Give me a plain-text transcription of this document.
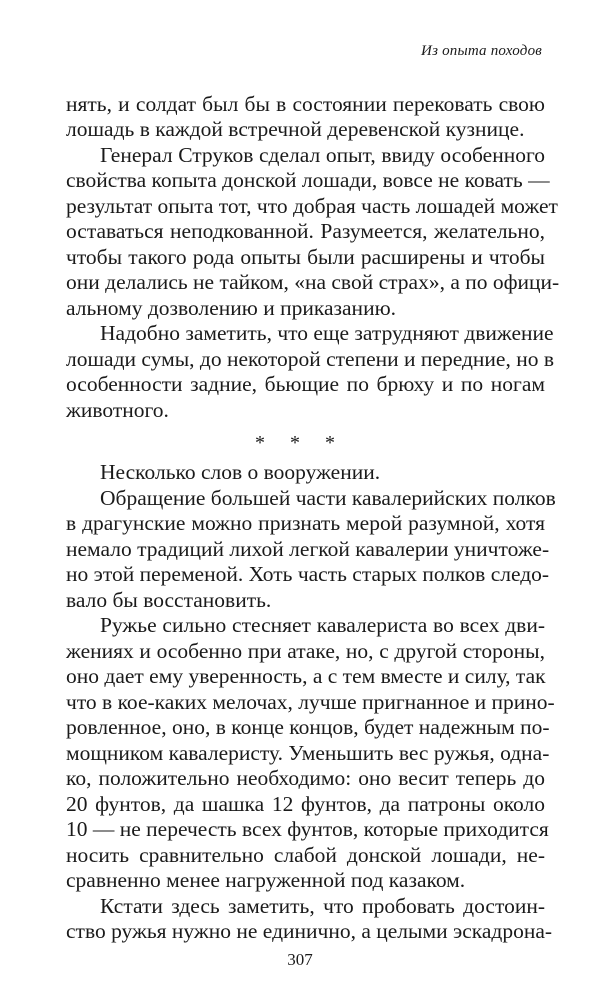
Из опыта походов

нять, и солдат был бы в состоянии перековать свою

лошадь в каждой встречной деревенской кузнице.

Генерал Струков сделал опыт, ввиду особенного

свойства копыта донской лошади, вовсе не ковать —

результат опыта тот, что добрая часть лошадей может

оставаться неподкованной. Разумеется, желательно,

чтобы такого рода опыты были расширены и чтобы

они делались не тайком, «на свой страх», а по офици-

альному дозволению и приказанию.

Надобно заметить, что еще затрудняют движение

лошади сумы, до некоторой степени и передние, но в

особенности задние, бьющие по брюху и по ногам

животного.

* * *

Несколько слов о вооружении.

Обращение большей части кавалерийских полков

в драгунские можно признать мерой разумной, хотя

немало традиций лихой легкой кавалерии уничтоже-

но этой переменой. Хоть часть старых полков следо-

вало бы восстановить.

Ружье сильно стесняет кавалериста во всех дви-

жениях и особенно при атаке, но, с другой стороны,

оно дает ему уверенность, а с тем вместе и силу, так

что в кое-каких мелочах, лучше пригнанное и прино-

ровленное, оно, в конце концов, будет надежным по-

мощником кавалеристу. Уменьшить вес ружья, одна-

ко, положительно необходимо: оно весит теперь до

20 фунтов, да шашка 12 фунтов, да патроны около

10 — не перечесть всех фунтов, которые приходится

носить сравнительно слабой донской лошади, не-

сравненно менее нагруженной под казаком.

Кстати здесь заметить, что пробовать достоин-

ство ружья нужно не единично, а целыми эскадрона-

307
